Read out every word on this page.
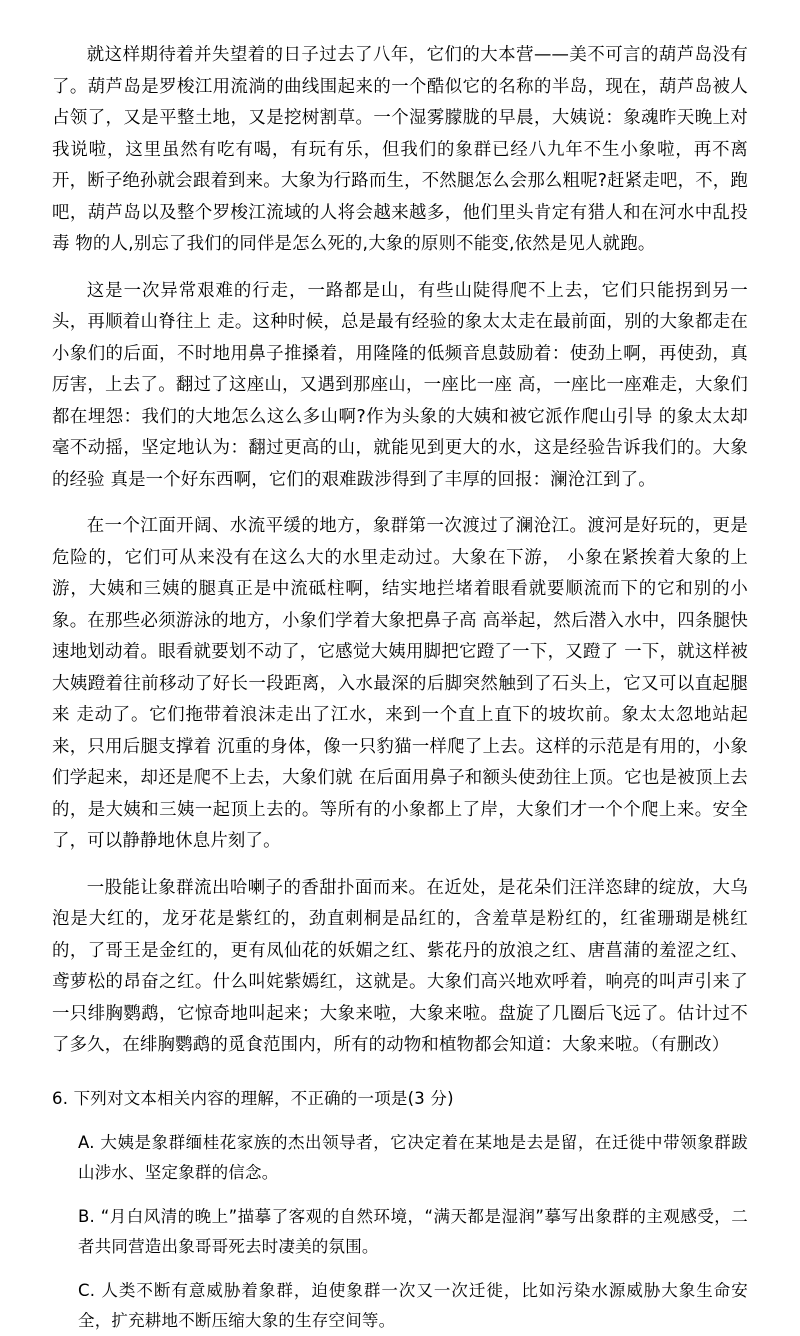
就这样期待着并失望着的日子过去了八年，它们的大本营——美不可言的葫芦岛没有了。葫芦岛是罗梭江用流淌的曲线围起来的一个酷似它的名称的半岛，现在，葫芦岛被人占领了，又是平整土地，又是挖树割草。一个湿雾朦胧的早晨，大姨说：象魂昨天晚上对我说啦，这里虽然有吃有喝，有玩有乐，但我们的象群已经八九年不生小象啦，再不离开，断子绝孙就会跟着到来。大象为行路而生，不然腿怎么会那么粗呢?赶紧走吧，不，跑吧，葫芦岛以及整个罗梭江流域的人将会越来越多，他们里头肯定有猎人和在河水中乱投毒 物的人,别忘了我们的同伴是怎么死的,大象的原则不能变,依然是见人就跑。

这是一次异常艰难的行走，一路都是山，有些山陡得爬不上去，它们只能拐到另一头，再顺着山脊往上 走。这种时候，总是最有经验的象太太走在最前面，别的大象都走在小象们的后面，不时地用鼻子推搡着，用隆隆的低频音息鼓励着：使劲上啊，再使劲，真厉害，上去了。翻过了这座山，又遇到那座山，一座比一座 高，一座比一座难走，大象们都在埋怨：我们的大地怎么这么多山啊?作为头象的大姨和被它派作爬山引导 的象太太却毫不动摇，坚定地认为：翻过更高的山，就能见到更大的水，这是经验告诉我们的。大象的经验 真是一个好东西啊，它们的艰难跋涉得到了丰厚的回报：澜沧江到了。

在一个江面开阔、水流平缓的地方，象群第一次渡过了澜沧江。渡河是好玩的，更是危险的，它们可从来没有在这么大的水里走动过。大象在下游， 小象在紧挨着大象的上游，大姨和三姨的腿真正是中流砥柱啊，结实地拦堵着眼看就要顺流而下的它和别的小象。在那些必须游泳的地方，小象们学着大象把鼻子高 高举起，然后潜入水中，四条腿快速地划动着。眼看就要划不动了，它感觉大姨用脚把它蹬了一下，又蹬了 一下，就这样被大姨蹬着往前移动了好长一段距离，入水最深的后脚突然触到了石头上，它又可以直起腿来 走动了。它们拖带着浪沫走出了江水，来到一个直上直下的坡坎前。象太太忽地站起来，只用后腿支撑着 沉重的身体，像一只豹猫一样爬了上去。这样的示范是有用的，小象们学起来，却还是爬不上去，大象们就 在后面用鼻子和额头使劲往上顶。它也是被顶上去的，是大姨和三姨一起顶上去的。等所有的小象都上了岸，大象们才一个个爬上来。安全了，可以静静地休息片刻了。

一股能让象群流出哈喇子的香甜扑面而来。在近处，是花朵们汪洋恣肆的绽放，大乌泡是大红的，龙牙花是紫红的，劲直刺桐是品红的，含羞草是粉红的，红雀珊瑚是桃红的，了哥王是金红的，更有凤仙花的妖媚之红、紫花丹的放浪之红、唐菖蒲的羞涩之红、鸢萝松的昂奋之红。什么叫姹紫嫣红，这就是。大象们高兴地欢呼着，响亮的叫声引来了一只绯胸鹦鹉，它惊奇地叫起来；大象来啦，大象来啦。盘旋了几圈后飞远了。估计过不了多久，在绯胸鹦鹉的觅食范围内，所有的动物和植物都会知道：大象来啦。（有删改）

6. 下列对文本相关内容的理解，不正确的一项是(3 分)

A. 大姨是象群缅桂花家族的杰出领导者，它决定着在某地是去是留，在迁徙中带领象群跋山涉水、坚定象群的信念。

B. “月白风清的晚上”描摹了客观的自然环境，“满天都是湿润”摹写出象群的主观感受，二者共同营造出象哥哥死去时凄美的氛围。

C. 人类不断有意威胁着象群，迫使象群一次又一次迁徙，比如污染水源威胁大象生命安全，扩充耕地不断压缩大象的生存空间等。
